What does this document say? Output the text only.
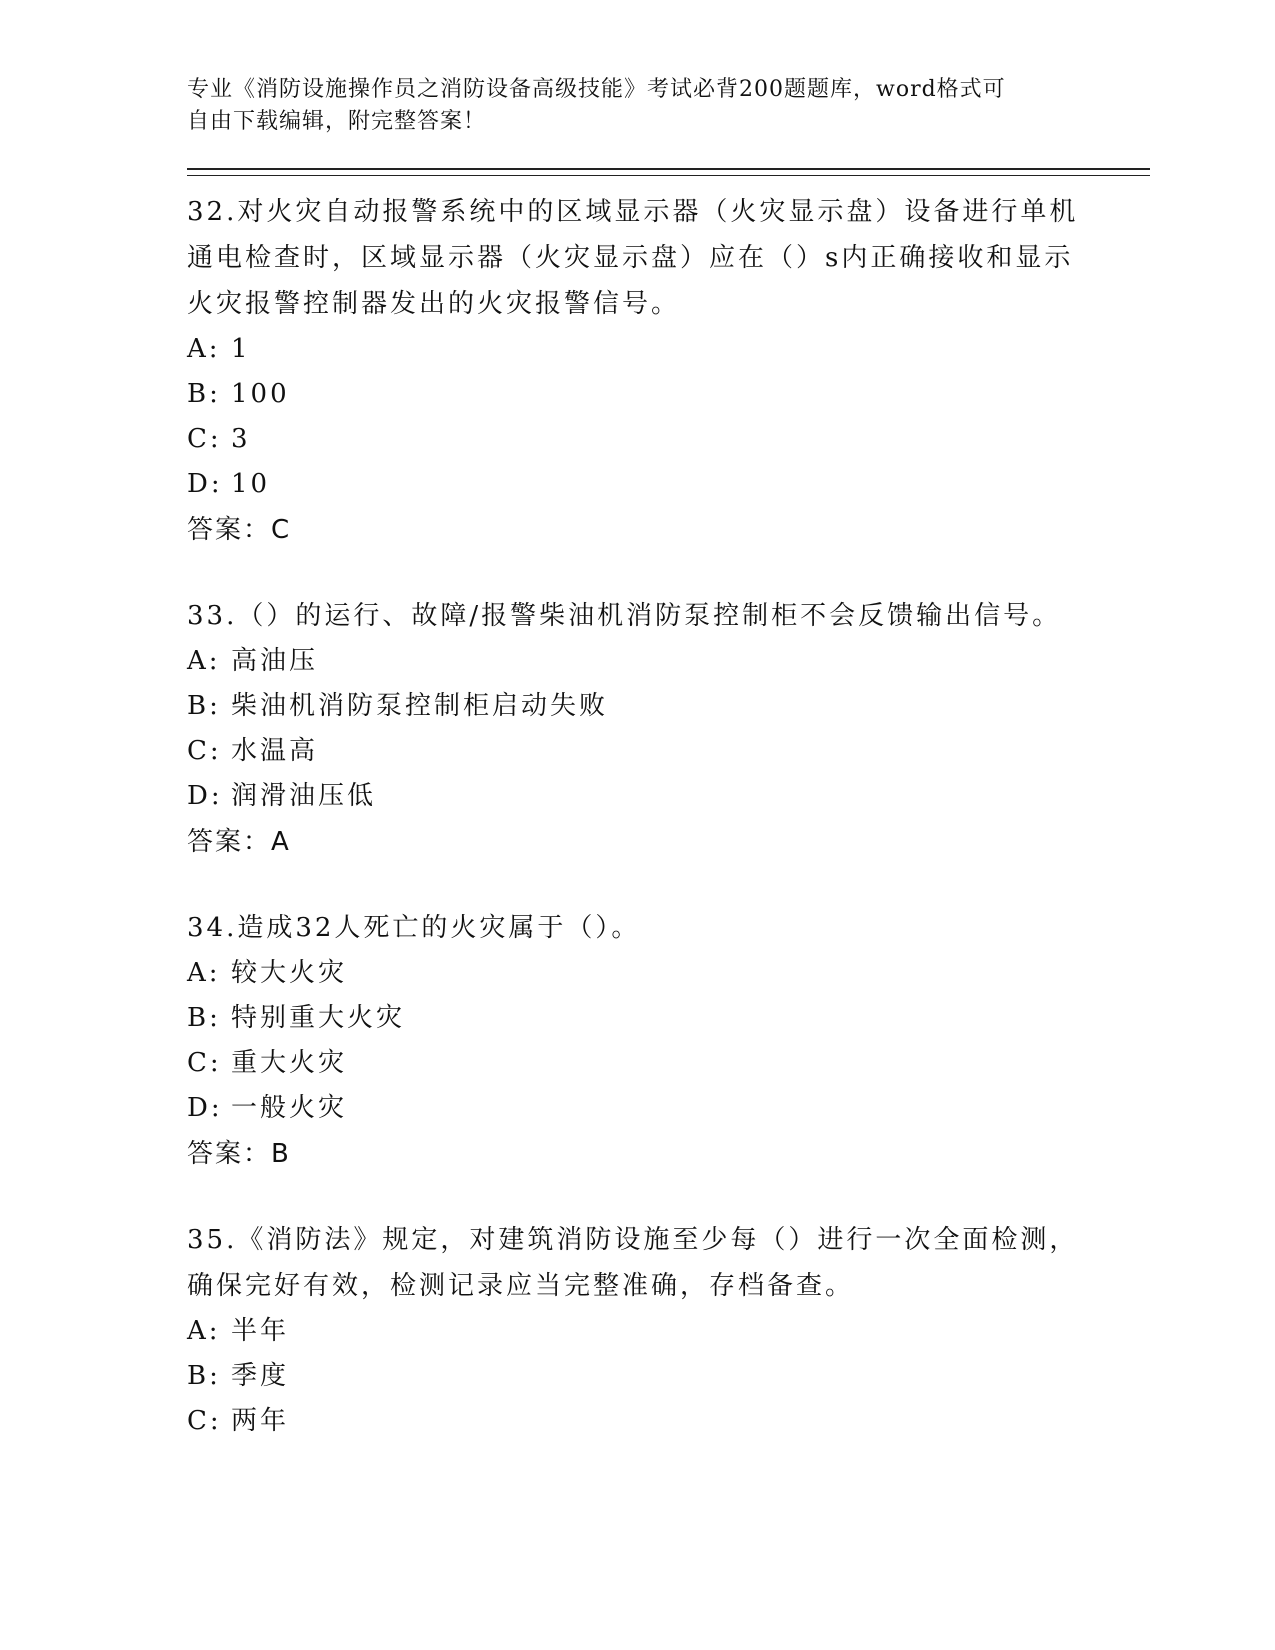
专业《消防设施操作员之消防设备高级技能》考试必背200题题库，word格式可

自由下载编辑，附完整答案！

32.对火灾自动报警系统中的区域显示器（火灾显示盘）设备进行单机通电检查时，区域显示器（火灾显示盘）应在（）s内正确接收和显示火灾报警控制器发出的火灾报警信号。

A: 1

B: 100

C: 3

D: 10

答案：C

33.（）的运行、故障/报警柴油机消防泵控制柜不会反馈输出信号。

A: 高油压

B: 柴油机消防泵控制柜启动失败

C: 水温高

D: 润滑油压低

答案：A

34.造成32人死亡的火灾属于（）。

A: 较大火灾

B: 特别重大火灾

C: 重大火灾

D: 一般火灾

答案：B

35.《消防法》规定，对建筑消防设施至少每（）进行一次全面检测，确保完好有效，检测记录应当完整准确，存档备查。

A: 半年

B: 季度

C: 两年
